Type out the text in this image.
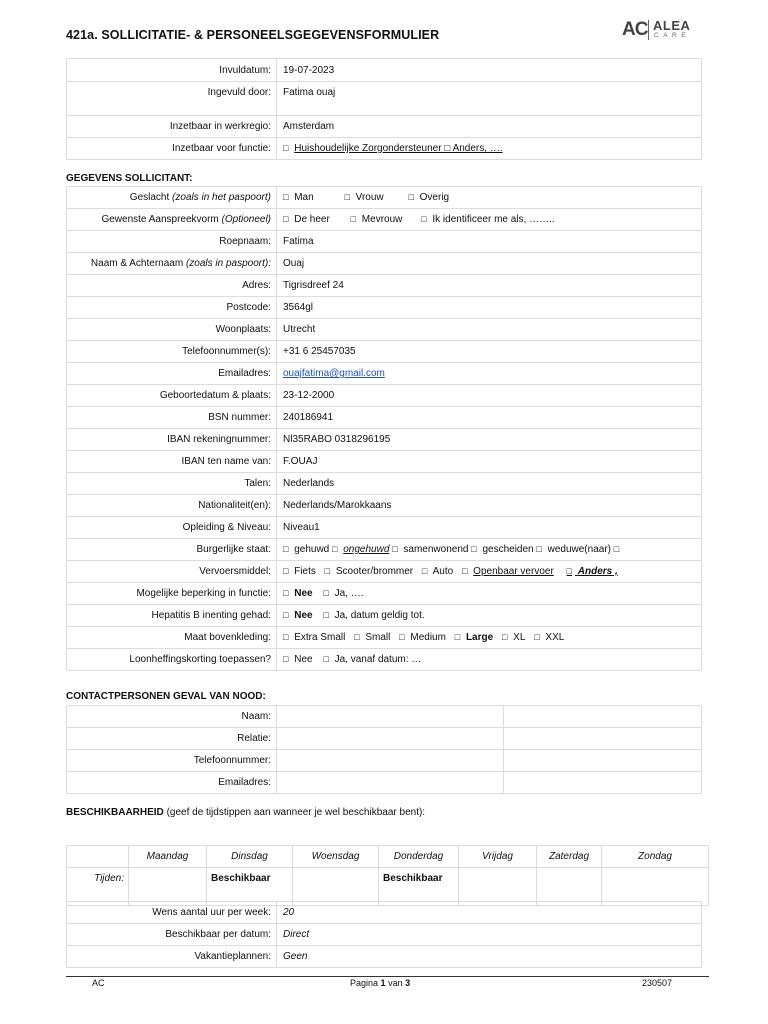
421a. SOLLICITATIE- & PERSONEELSGEGEVENSFORMULIER	AC ALEA
CARE
Invuldatum:	19-07-2023
Ingevuld door:	Fatima ouaj
Inzetbaar in werkregio:	Amsterdam
Inzetbaar voor functie:	□ Huishoudelijke Zorgondersteuner □ Anders, ….
GEGEVENS SOLLICITANT:
Geslacht (zoals in het paspoort)	□ Man □ Vrouw □ Overig
Gewenste Aanspreekvorm (Optioneel)	□ De heer □ Mevrouw □ Ik identificeer me als, ……..
Roepnaam:	Fatima
Naam & Achternaam (zoals in paspoort):	Ouaj
Adres:	Tigrisdreef 24
Postcode:	3564gl
Woonplaats:	Utrecht
Telefoonnummer(s):	+31 6 25457035
Emailadres:	ouajfatima@gmail.com
Geboortedatum & plaats:	23-12-2000
BSN nummer:	240186941
IBAN rekeningnummer:	Nl35RABO 0318296195
IBAN ten name van:	F.OUAJ
Talen:	Nederlands
Nationaliteit(en):	Nederlands/Marokkaans
Opleiding & Niveau:	Niveau1
Burgerlijke staat:	□ gehuwd □ ongehuwd □ samenwonend □ gescheiden □ weduwe(naar) □
Vervoersmiddel:	□ Fiets □ Scooter/brommer □ Auto □ Openbaar vervoer □ Anders ,
Mogelijke beperking in functie:	□ Nee □ Ja, ….
Hepatitis B inenting gehad:	□ Nee □ Ja, datum geldig tot.
Maat bovenkleding:	□ Extra Small □ Small □ Medium □ Large □ XL □ XXL
Loonheffingskorting toepassen?	□ Nee □ Ja, vanaf datum: …
CONTACTPERSONEN GEVAL VAN NOOD:
Naam:		
Relatie:		
Telefoonnummer:		
Emailadres:		
BESCHIKBAARHEID (geef de tijdstippen aan wanneer je wel beschikbaar bent):
	Maandag	Dinsdag	Woensdag	Donderdag	Vrijdag	Zaterdag	Zondag
Tijden:		Beschikbaar		Beschikbaar			
Wens aantal uur per week:	20
Beschikbaar per datum:	Direct
Vakantieplannen:	Geen
AC	Pagina 1 van 3	230507
